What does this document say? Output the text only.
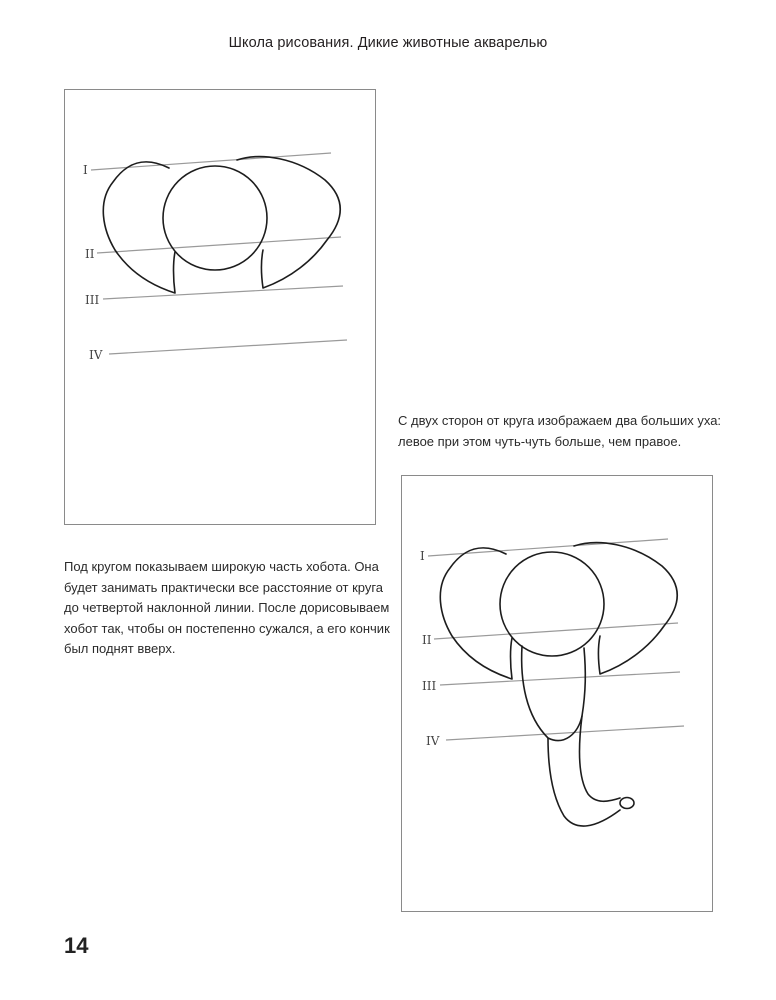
Школа рисования. Дикие животные акварелью
I
II
III
IV
С двух сторон от круга изображаем два больших уха: левое при этом чуть-чуть больше, чем правое.
Под кругом показываем широкую часть хобота. Она будет занимать практически все расстояние от круга до четвертой наклонной линии. После дорисовываем хобот так, чтобы он постепенно сужался, а его кончик был поднят вверх.
I
II
III
IV
14
